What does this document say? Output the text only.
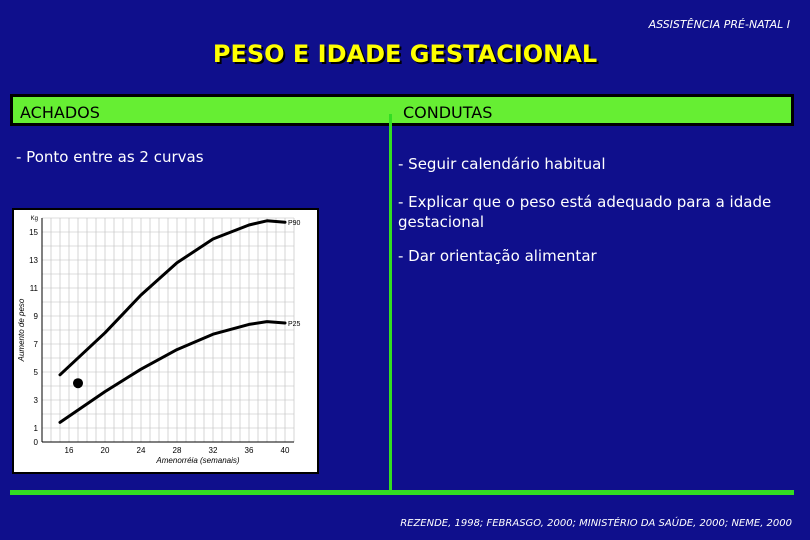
ASSISTÊNCIA PRÉ-NATAL I
PESO E IDADE GESTACIONAL
ACHADOS	CONDUTAS
- Ponto entre as 2 curvas	- Seguir calendário habitual
- Explicar que o peso está adequado para a idade gestacional
- Dar orientação alimentar
16	20	24	28	32	36	40
0
1
3
5
7
9
11
13
15
Kg
Amenorréia (semanais)
Aumento de peso
P90
P25
REZENDE, 1998; FEBRASGO, 2000; MINISTÉRIO DA SAÚDE, 2000; NEME, 2000
